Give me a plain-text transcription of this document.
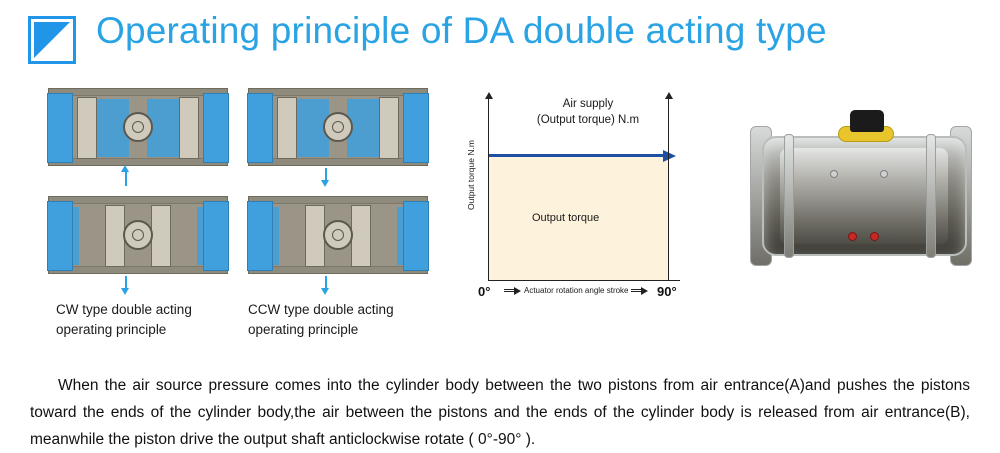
Operating principle of DA double acting type
CW type double acting
operating principle
CCW type double acting
operating principle
Air supply
(Output torque) N.m
Output torque N.m
Output torque
0°	90°
Actuator rotation angle stroke
When the air source pressure comes into the cylinder body between the two pistons from air entrance(A)and pushes the pistons toward the ends of the cylinder body,the air between the pistons and the ends of the cylinder body is released from air entrance(B), meanwhile the piston drive the output shaft anticlockwise rotate ( 0°-90° ).
